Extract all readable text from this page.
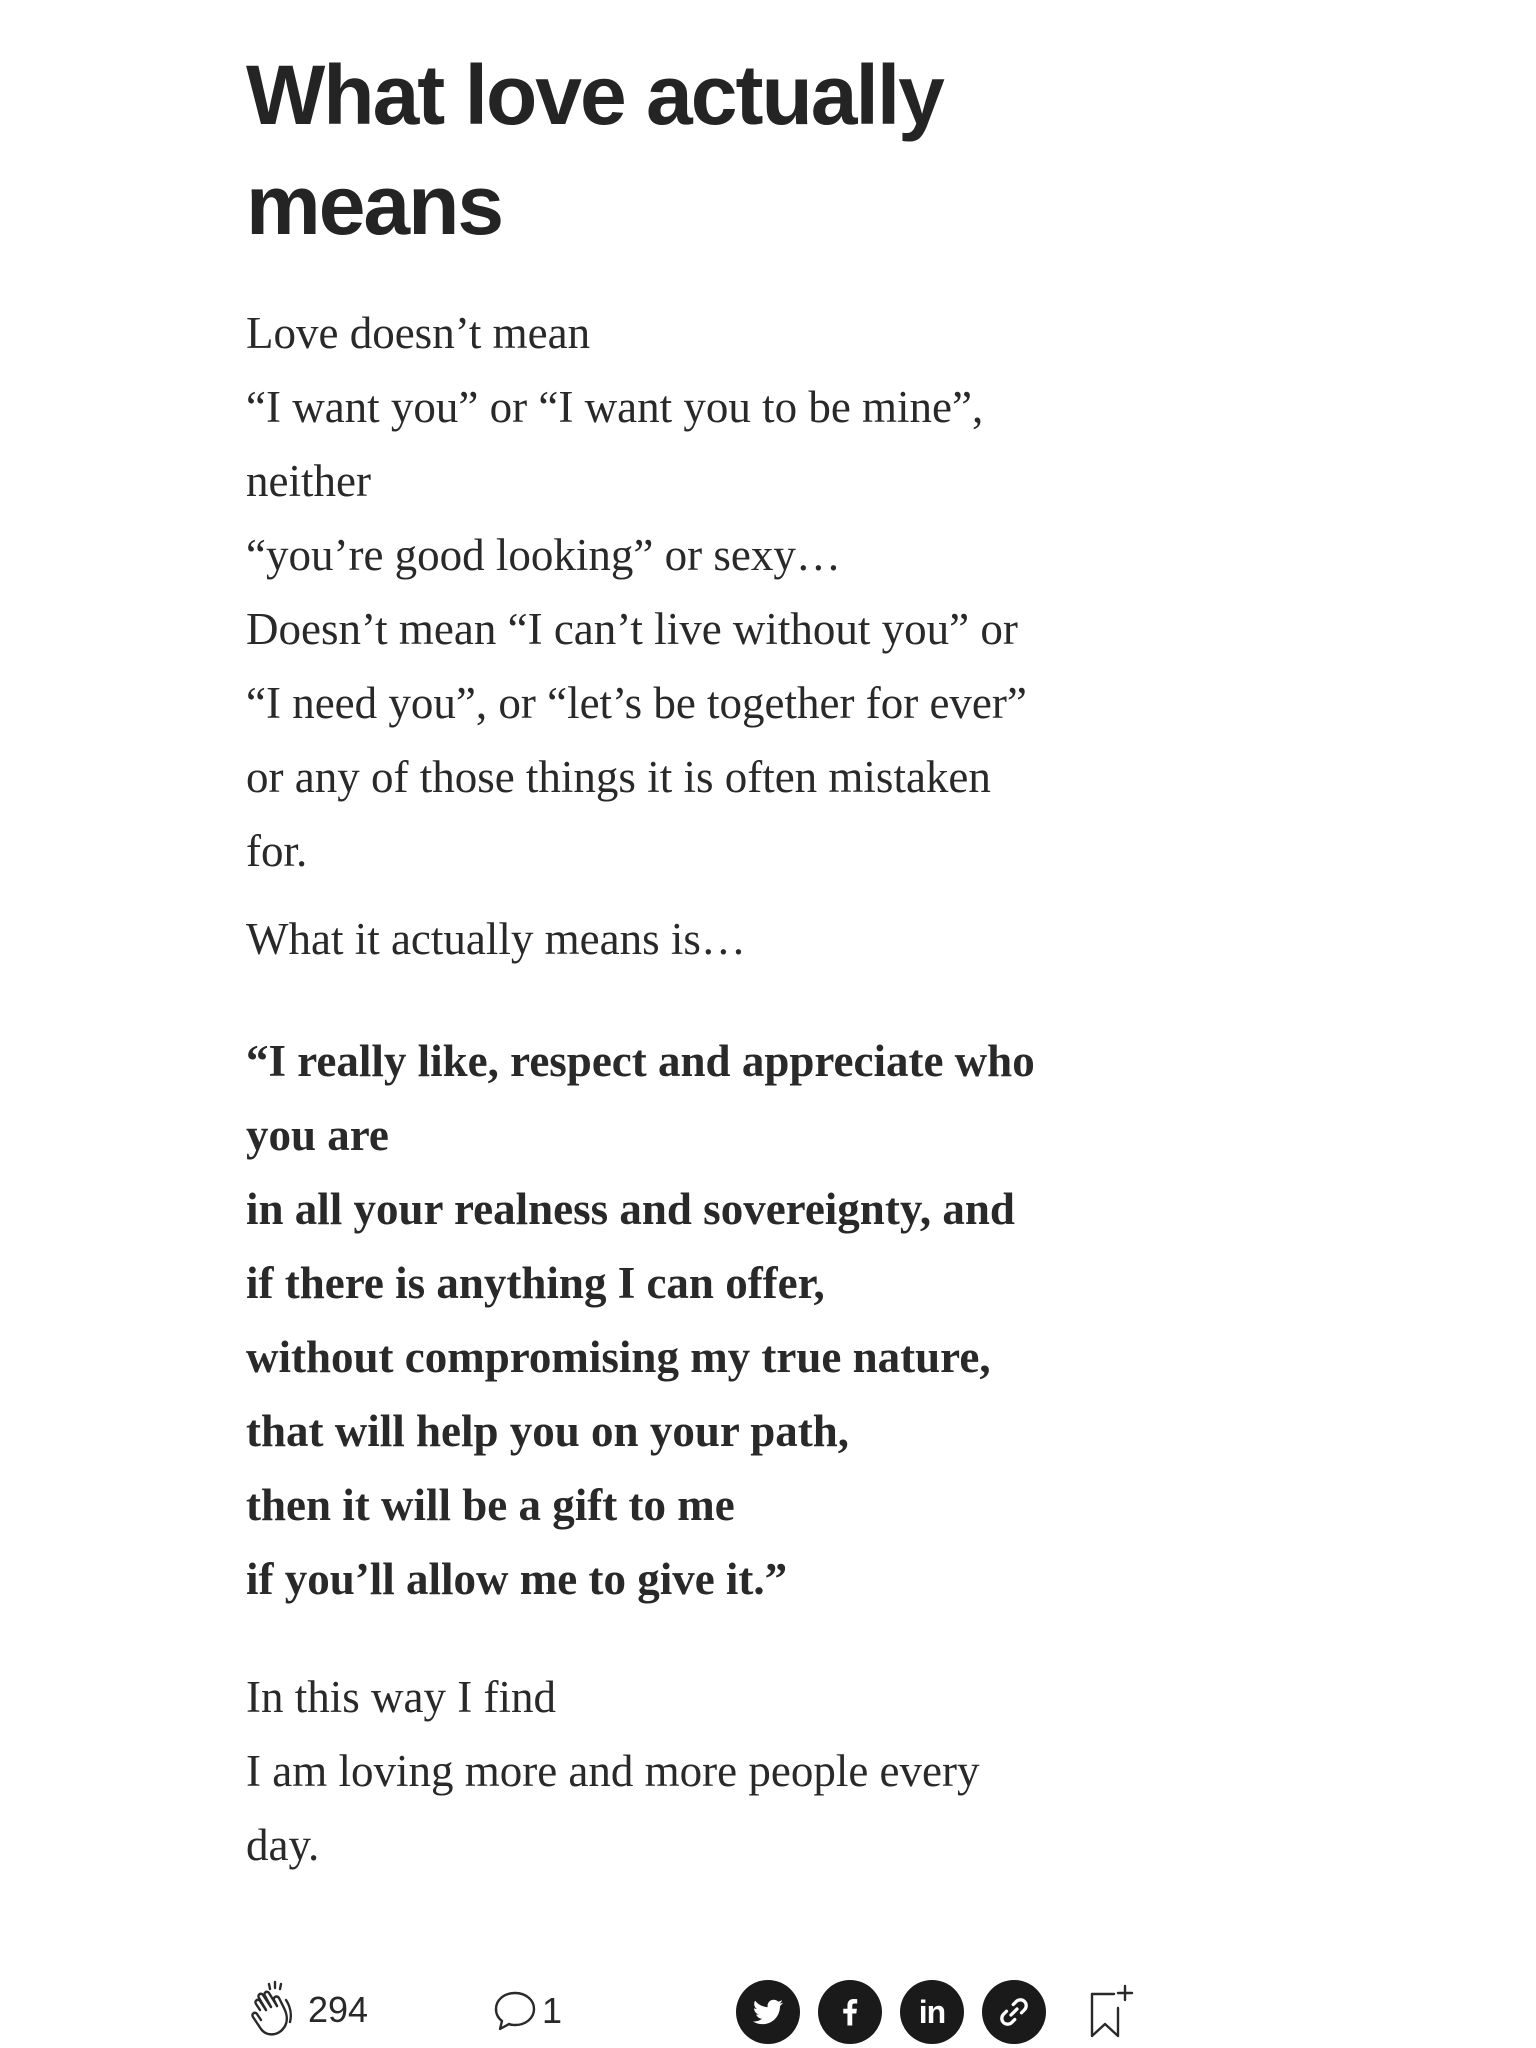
What love actually means

Love doesn’t mean
“I want you” or “I want you to be mine”,
neither
“you’re good looking” or sexy…
Doesn’t mean “I can’t live without you” or
“I need you”, or “let’s be together for ever”
or any of those things it is often mistaken
for.

What it actually means is…

“I really like, respect and appreciate who
you are
in all your realness and sovereignty, and
if there is anything I can offer,
without compromising my true nature,
that will help you on your path,
then it will be a gift to me
if you’ll allow me to give it.”

In this way I find
I am loving more and more people every
day.

294	1	in
